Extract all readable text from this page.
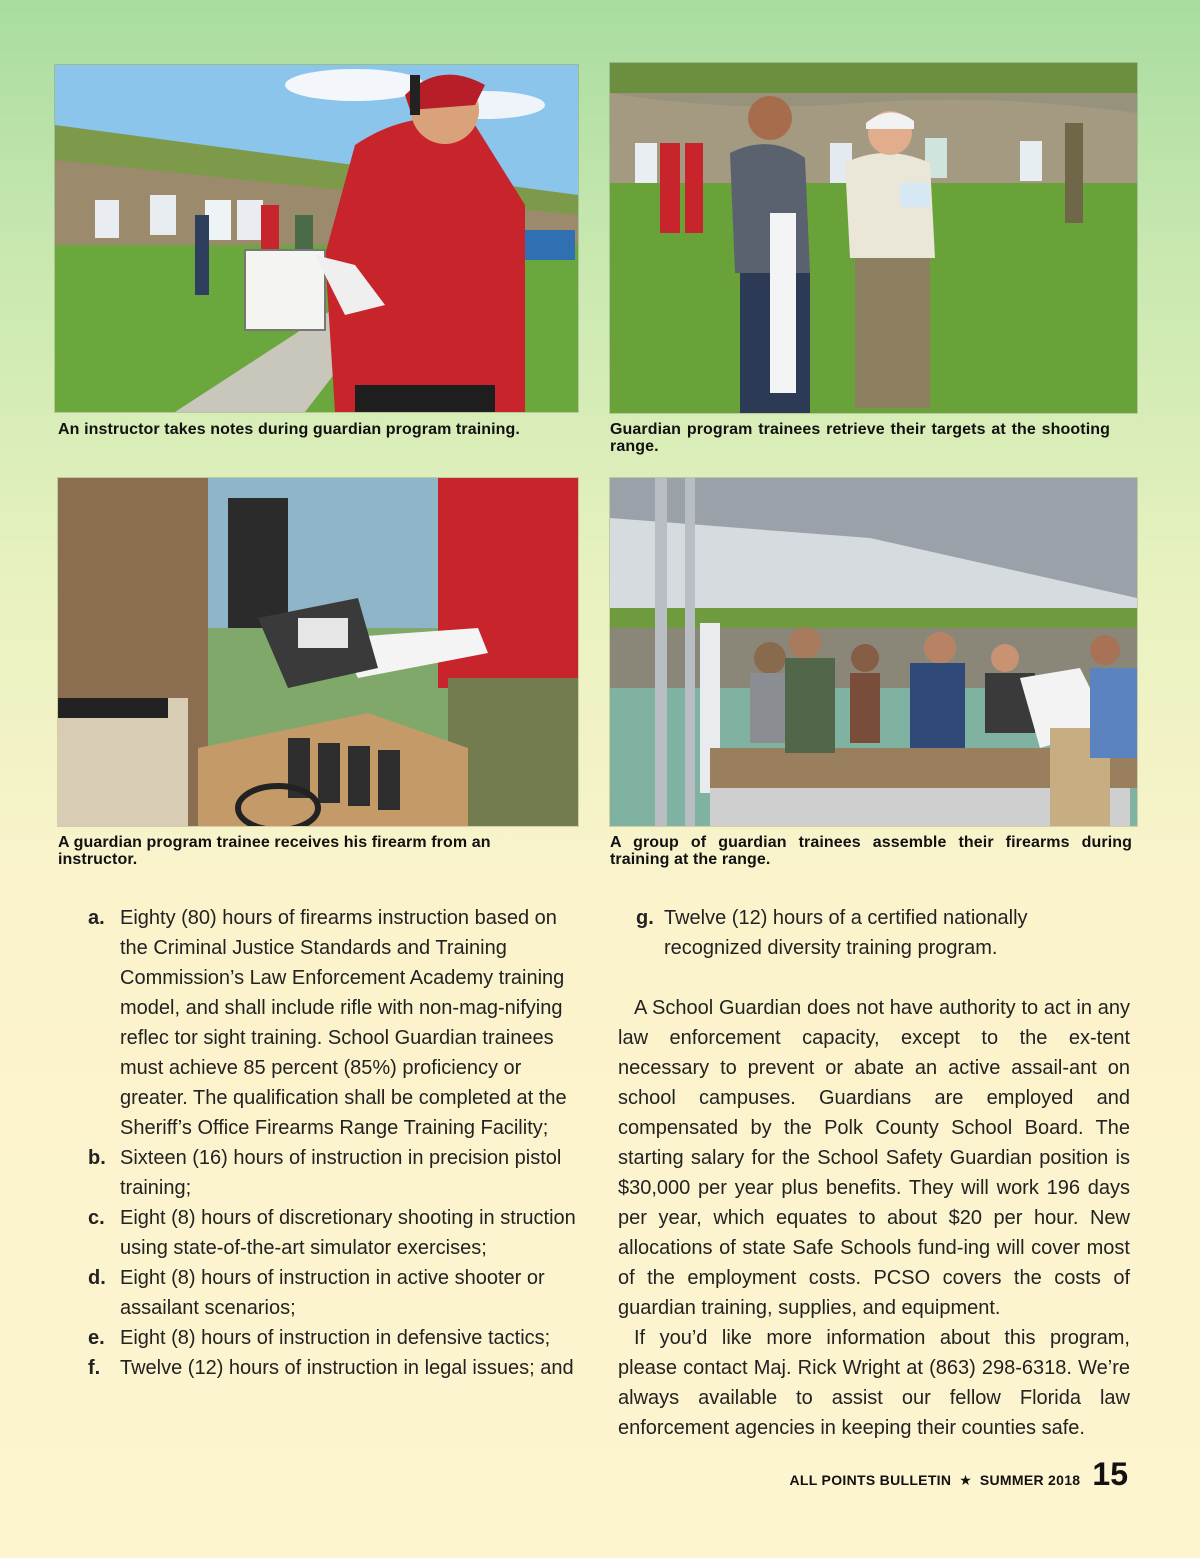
An instructor takes notes during guardian program training.	Guardian program trainees retrieve their targets at the shooting range.
A guardian program trainee receives his firearm from an instructor.
A group of guardian trainees assemble their firearms during training at the range.
a. Eighty (80) hours of firearms instruction based on the Criminal Justice Standards and Training Commission’s Law Enforcement Academy training model, and shall include rifle with non-mag-nifying reflec tor sight training. School Guardian trainees must achieve 85 percent (85%) proficiency or greater. The qualification shall be completed at the Sheriff’s Office Firearms Range Training Facility;
b. Sixteen (16) hours of instruction in precision pistol training;
c. Eight (8) hours of discretionary shooting in struction using state-of-the-art simulator exercises;
d. Eight (8) hours of instruction in active shooter or assailant scenarios;
e. Eight (8) hours of instruction in defensive tactics;
f. Twelve (12) hours of instruction in legal issues; and
g. Twelve (12) hours of a certified nationally recognized diversity training program.

A School Guardian does not have authority to act in any law enforcement capacity, except to the ex-tent necessary to prevent or abate an active assail-ant on school campuses. Guardians are employed and compensated by the Polk County School Board. The starting salary for the School Safety Guardian position is $30,000 per year plus benefits. They will work 196 days per year, which equates to about $20 per hour. New allocations of state Safe Schools fund-ing will cover most of the employment costs. PCSO covers the costs of guardian training, supplies, and equipment.

If you’d like more information about this program, please contact Maj. Rick Wright at (863) 298-6318. We’re always available to assist our fellow Florida law enforcement agencies in keeping their counties safe.

ALL POINTS BULLETIN ★ SUMMER 2018 15
